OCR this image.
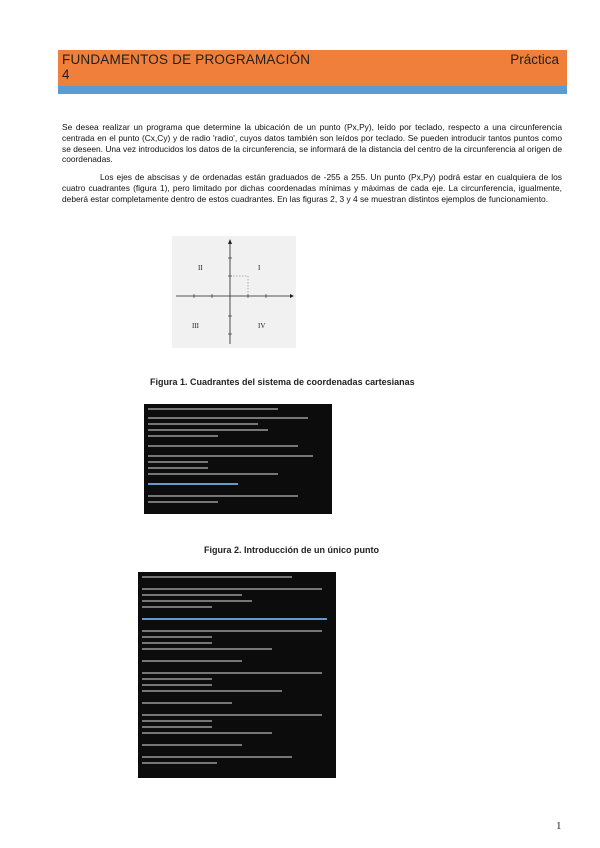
FUNDAMENTOS DE PROGRAMACIÓN
4
Práctica
Se desea realizar un programa que determine la ubicación de un punto (Px,Py), leído por teclado, respecto a una circunferencia centrada en el punto (Cx,Cy) y de radio 'radio', cuyos datos también son leídos por teclado. Se pueden introducir tantos puntos como se deseen. Una vez introducidos los datos de la circunferencia, se informará de la distancia del centro de la circunferencia al origen de coordenadas.
Los ejes de abscisas y de ordenadas están graduados de -255 a 255. Un punto (Px,Py) podrá estar en cualquiera de los cuatro cuadrantes (figura 1), pero limitado por dichas coordenadas mínimas y máximas de cada eje. La circunferencia, igualmente, deberá estar completamente dentro de estos cuadrantes. En las figuras 2, 3 y 4 se muestran distintos ejemplos de funcionamiento.
II	I
III	IV
Figura 1. Cuadrantes del sistema de coordenadas cartesianas
Figura 2. Introducción de un único punto
1
